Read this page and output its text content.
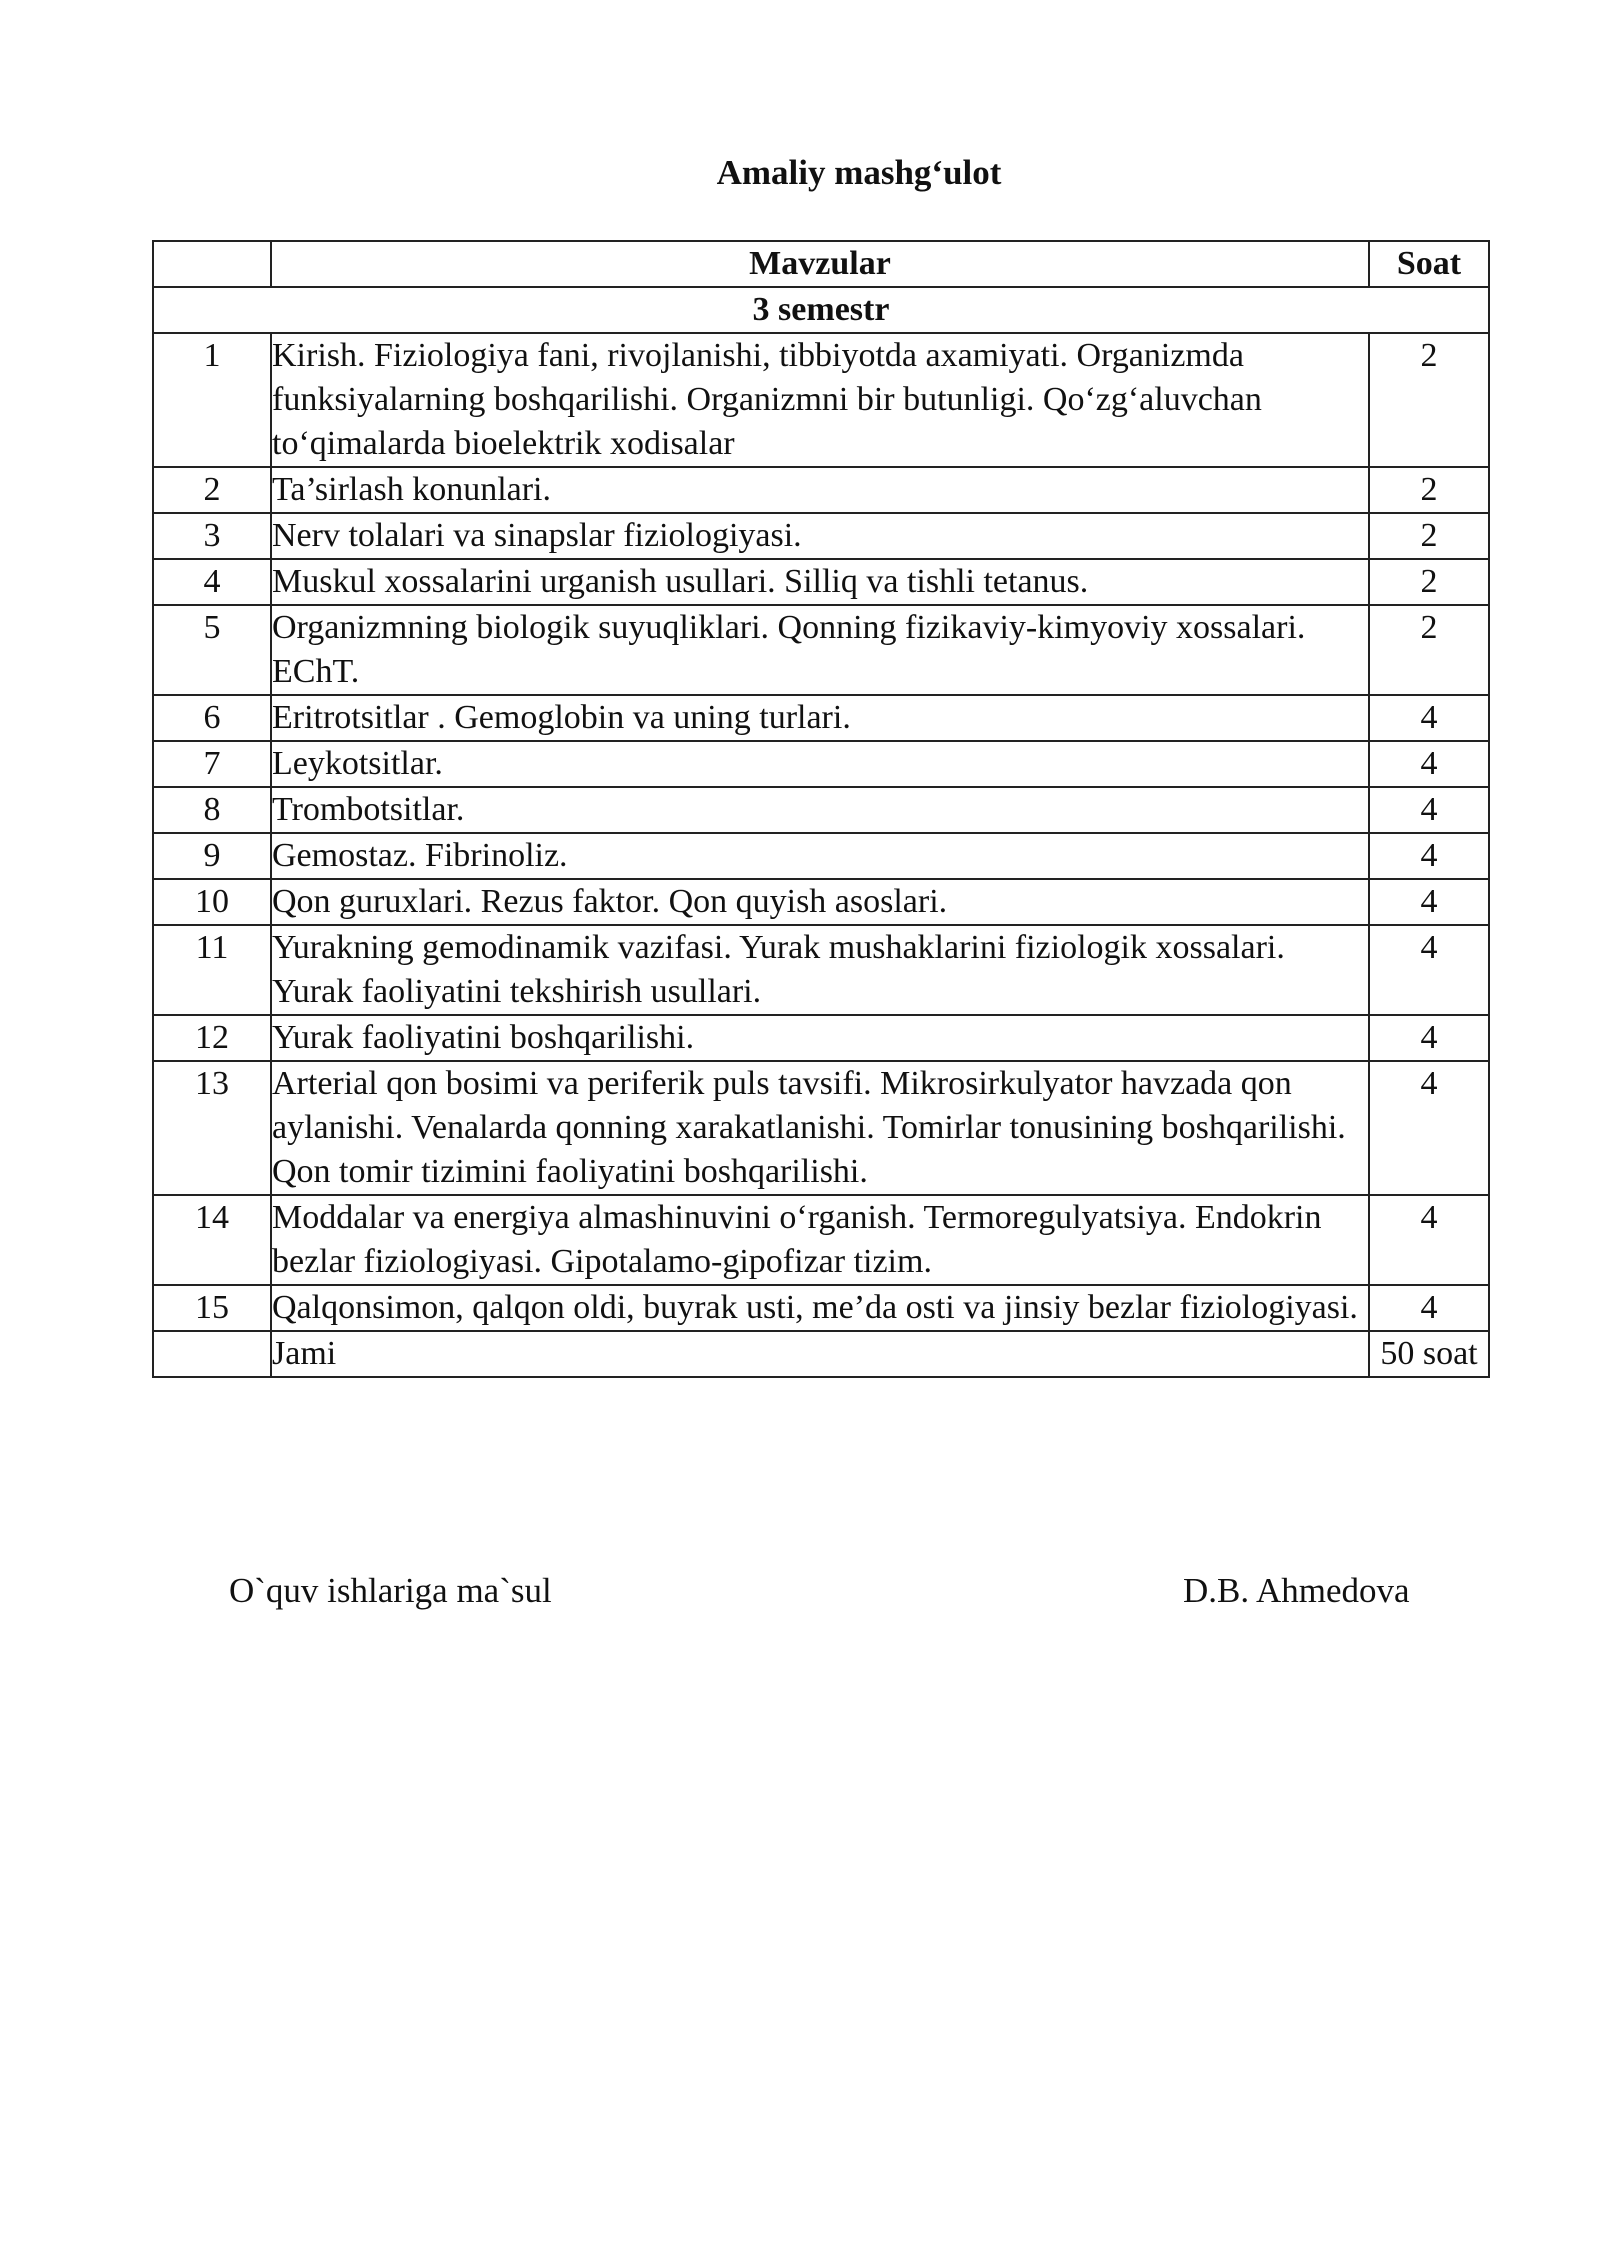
Amaliy mashg‘ulot
	Mavzular	Soat
3 semestr		
1	Kirish. Fiziologiya fani, rivojlanishi, tibbiyotda axamiyati. Organizmda funksiyalarning boshqarilishi. Organizmni bir butunligi. Qo‘zg‘aluvchan to‘qimalarda bioelektrik xodisalar	2
2	Ta’sirlash konunlari.	2
3	Nerv tolalari va sinapslar fiziologiyasi.	2
4	Muskul xossalarini urganish usullari. Silliq va tishli tetanus.	2
5	Organizmning biologik suyuqliklari. Qonning fizikaviy-kimyoviy xossalari. EChT.	2
6	Eritrotsitlar . Gemoglobin va uning turlari.	4
7	Leykotsitlar.	4
8	Trombotsitlar.	4
9	Gemostaz. Fibrinoliz.	4
10	Qon guruxlari. Rezus faktor. Qon quyish asoslari.	4
11	Yurakning gemodinamik vazifasi. Yurak mushaklarini fiziologik xossalari. Yurak faoliyatini tekshirish usullari.	4
12	Yurak faoliyatini boshqarilishi.	4
13	Arterial qon bosimi va periferik puls tavsifi. Mikrosirkulyator havzada qon aylanishi. Venalarda qonning xarakatlanishi. Tomirlar tonusining boshqarilishi. Qon tomir tizimini faoliyatini boshqarilishi.	4
14	Moddalar va energiya almashinuvini o‘rganish. Termoregulyatsiya. Endokrin bezlar fiziologiyasi. Gipotalamo-gipofizar tizim.	4
15	Qalqonsimon, qalqon oldi, buyrak usti, me’da osti va jinsiy bezlar fiziologiyasi.	4
	Jami	50 soat
O`quv ishlariga ma`sul	D.B. Ahmedova
